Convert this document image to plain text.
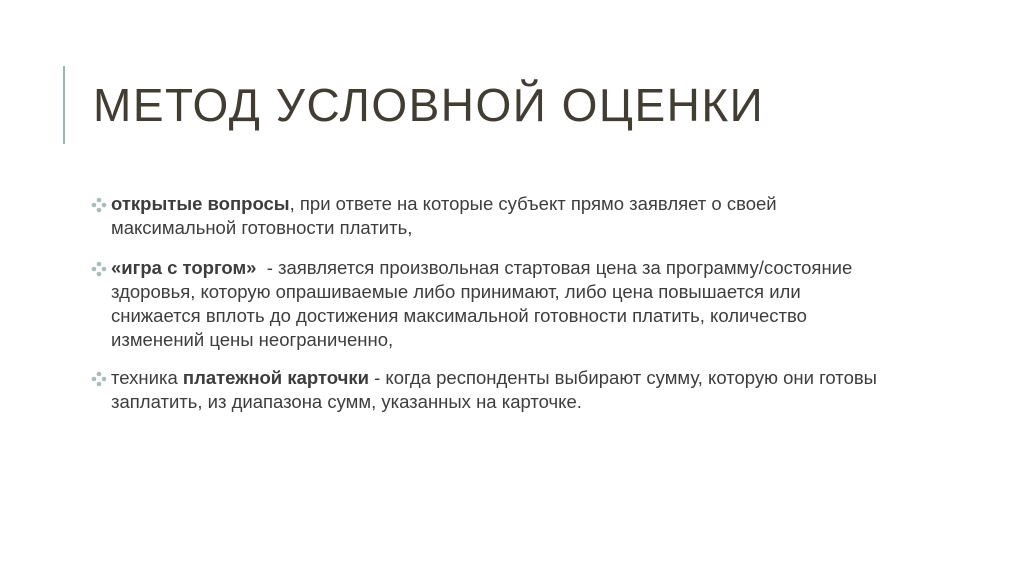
МЕТОД УСЛОВНОЙ ОЦЕНКИ
открытые вопросы, при ответе на которые субъект прямо заявляет о своей максимальной готовности платить,
«игра с торгом»  - заявляется произвольная стартовая цена за программу/состояние здоровья, которую опрашиваемые либо принимают, либо цена повышается или снижается вплоть до достижения максимальной готовности платить, количество изменений цены неограниченно,
техника платежной карточки - когда респонденты выбирают сумму, которую они готовы заплатить, из диапазона сумм, указанных на карточке.
